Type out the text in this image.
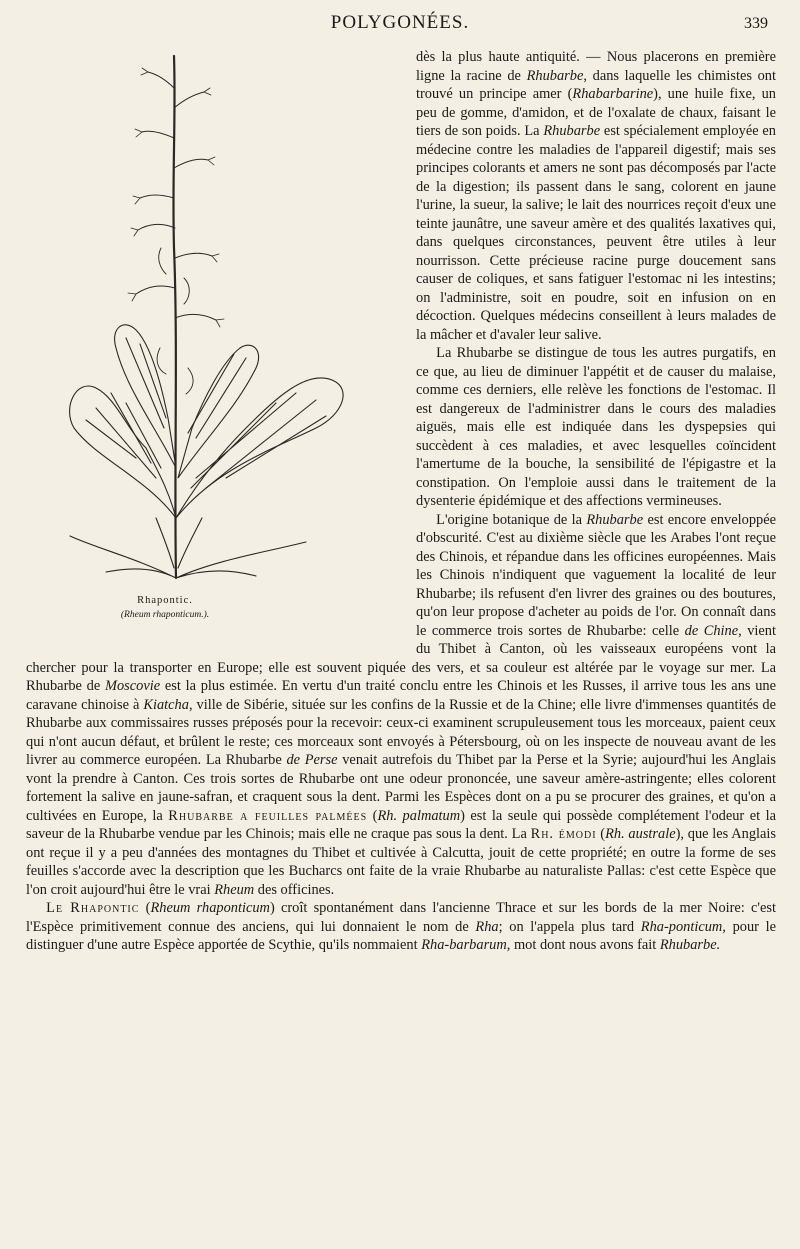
POLYGONÉES.	339
Rhapontic.
(Rheum rhaponticum.).

dès la plus haute antiquité. — Nous placerons en première ligne la racine de Rhubarbe, dans laquelle les chimistes ont trouvé un principe amer (Rhabarbarine), une huile fixe, un peu de gomme, d'amidon, et de l'oxalate de chaux, faisant le tiers de son poids. La Rhubarbe est spécialement employée en médecine contre les maladies de l'appareil digestif; mais ses principes colorants et amers ne sont pas décomposés par l'acte de la digestion; ils passent dans le sang, colorent en jaune l'urine, la sueur, la salive; le lait des nourrices reçoit d'eux une teinte jaunâtre, une saveur amère et des qualités laxatives qui, dans quelques circonstances, peuvent être utiles à leur nourrisson. Cette précieuse racine purge doucement sans causer de coliques, et sans fatiguer l'estomac ni les intestins; on l'administre, soit en poudre, soit en infusion on en décoction. Quelques médecins conseillent à leurs malades de la mâcher et d'avaler leur salive.

La Rhubarbe se distingue de tous les autres purgatifs, en ce que, au lieu de diminuer l'appétit et de causer du malaise, comme ces derniers, elle relève les fonctions de l'estomac. Il est dangereux de l'administrer dans le cours des maladies aiguës, mais elle est indiquée dans les dyspepsies qui succèdent à ces maladies, et avec lesquelles coïncident l'amertume de la bouche, la sensibilité de l'épigastre et la constipation. On l'emploie aussi dans le traitement de la dysenterie épidémique et des affections vermineuses.

L'origine botanique de la Rhubarbe est encore enveloppée d'obscurité. C'est au dixième siècle que les Arabes l'ont reçue des Chinois, et répandue dans les officines européennes. Mais les Chinois n'indiquent que vaguement la localité de leur Rhubarbe; ils refusent d'en livrer des graines ou des boutures, qu'on leur propose d'acheter au poids de l'or. On connaît dans le commerce trois sortes de Rhubarbe: celle de Chine, vient du Thibet à Canton, où les vaisseaux européens vont la chercher pour la transporter en Europe; elle est souvent piquée des vers, et sa couleur est altérée par le voyage sur mer. La Rhubarbe de Moscovie est la plus estimée. En vertu d'un traité conclu entre les Chinois et les Russes, il arrive tous les ans une caravane chinoise à Kiatcha, ville de Sibérie, située sur les confins de la Russie et de la Chine; elle livre d'immenses quantités de Rhubarbe aux commissaires russes préposés pour la recevoir: ceux-ci examinent scrupuleusement tous les morceaux, paient ceux qui n'ont aucun défaut, et brûlent le reste; ces morceaux sont envoyés à Pétersbourg, où on les inspecte de nouveau avant de les livrer au commerce européen. La Rhubarbe de Perse venait autrefois du Thibet par la Perse et la Syrie; aujourd'hui les Anglais vont la prendre à Canton. Ces trois sortes de Rhubarbe ont une odeur prononcée, une saveur amère-astringente; elles colorent fortement la salive en jaune-safran, et craquent sous la dent. Parmi les Espèces dont on a pu se procurer des graines, et qu'on a cultivées en Europe, la Rhubarbe a feuilles palmées (Rh. palmatum) est la seule qui possède complétement l'odeur et la saveur de la Rhubarbe vendue par les Chinois; mais elle ne craque pas sous la dent. La Rh. émodi (Rh. australe), que les Anglais ont reçue il y a peu d'années des montagnes du Thibet et cultivée à Calcutta, jouit de cette propriété; en outre la forme de ses feuilles s'accorde avec la description que les Bucharcs ont faite de la vraie Rhubarbe au naturaliste Pallas: c'est cette Espèce que l'on croit aujourd'hui être le vrai Rheum des officines.

Le Rhapontic (Rheum rhaponticum) croît spontanément dans l'ancienne Thrace et sur les bords de la mer Noire: c'est l'Espèce primitivement connue des anciens, qui lui donnaient le nom de Rha; on l'appela plus tard Rha-ponticum, pour le distinguer d'une autre Espèce apportée de Scythie, qu'ils nommaient Rha-barbarum, mot dont nous avons fait Rhubarbe.
